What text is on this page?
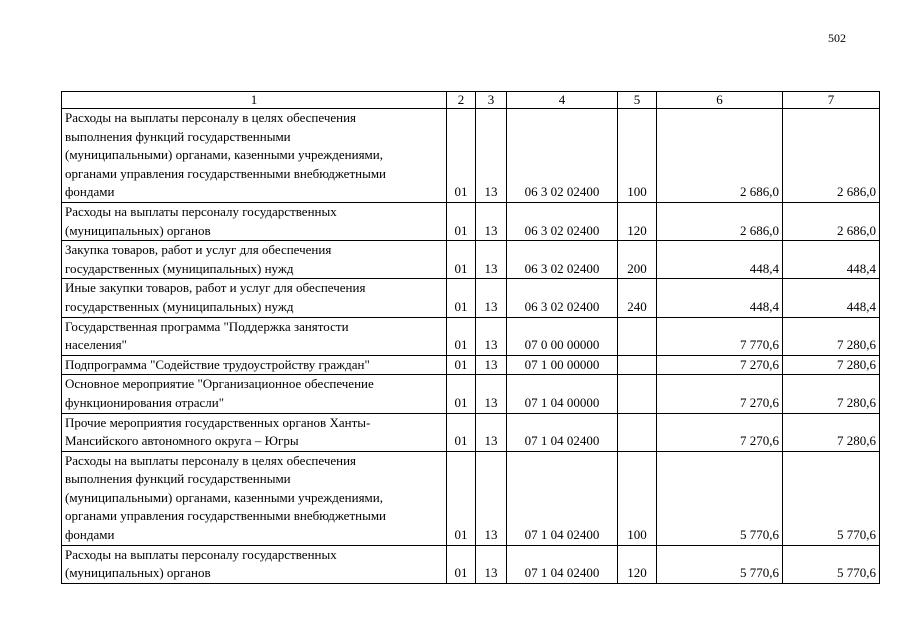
502
1	2	3	4	5	6	7

Расходы на выплаты персоналу в целях обеспечения
выполнения функций государственными
(муниципальными) органами, казенными учреждениями,
органами управления государственными внебюджетными
фондами	01	13	06 3 02 02400	100	2 686,0	2 686,0

Расходы на выплаты персоналу государственных
(муниципальных) органов	01	13	06 3 02 02400	120	2 686,0	2 686,0

Закупка товаров, работ и услуг для обеспечения
государственных (муниципальных) нужд	01	13	06 3 02 02400	200	448,4	448,4

Иные закупки товаров, работ и услуг для обеспечения
государственных (муниципальных) нужд	01	13	06 3 02 02400	240	448,4	448,4

Государственная программа "Поддержка занятости
населения"	01	13	07 0 00 00000		7 770,6	7 280,6

Подпрограмма "Содействие трудоустройству граждан"	01	13	07 1 00 00000		7 270,6	7 280,6

Основное мероприятие "Организационное обеспечение
функционирования отрасли"	01	13	07 1 04 00000		7 270,6	7 280,6

Прочие мероприятия государственных органов Ханты-
Мансийского автономного округа – Югры	01	13	07 1 04 02400		7 270,6	7 280,6

Расходы на выплаты персоналу в целях обеспечения
выполнения функций государственными
(муниципальными) органами, казенными учреждениями,
органами управления государственными внебюджетными
фондами	01	13	07 1 04 02400	100	5 770,6	5 770,6

Расходы на выплаты персоналу государственных
(муниципальных) органов	01	13	07 1 04 02400	120	5 770,6	5 770,6
